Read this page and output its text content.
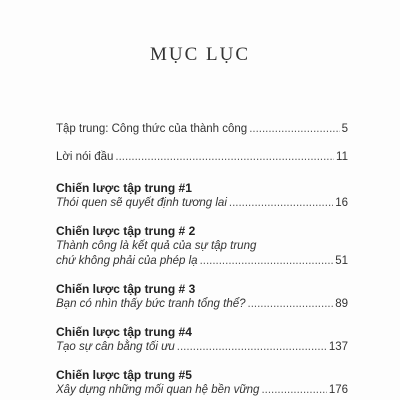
MỤC LỤC
Tập trung: Công thức của thành công .....	5
Lời nói đầu .....	11
Chiến lược tập trung #1
Thói quen sẽ quyết định tương lai .....	16
Chiến lược tập trung # 2
Thành công là kết quả của sự tập trung
chứ không phải của phép lạ .....	51
Chiến lược tập trung # 3
Bạn có nhìn thấy bức tranh tổng thể? .....	89
Chiến lược tập trung #4
Tạo sự cân bằng tối ưu .....	137
Chiến lược tập trung #5
Xây dựng những mối quan hệ bền vững .....	176
